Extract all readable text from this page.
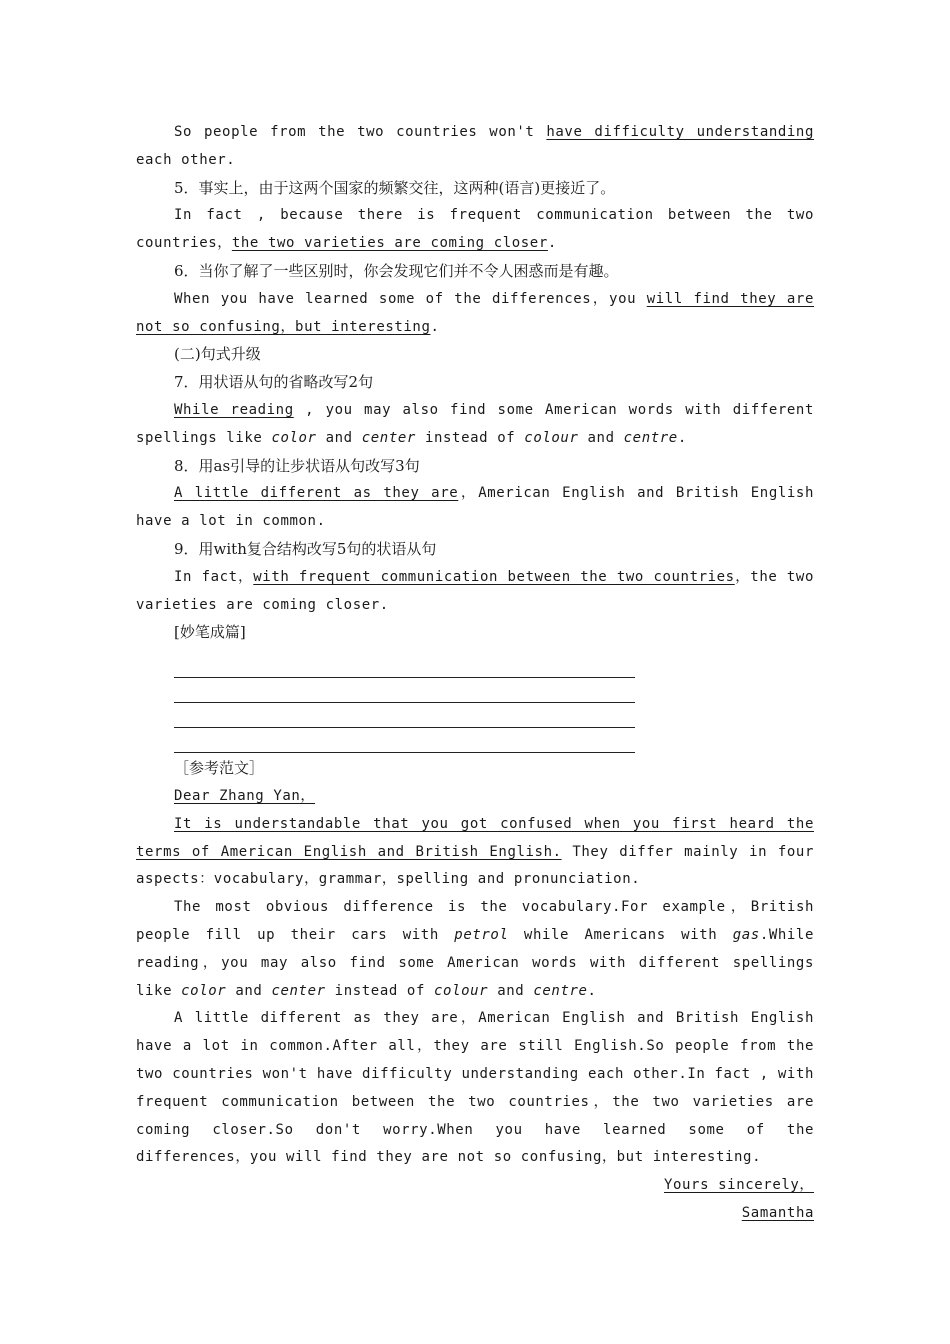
So people from the two countries won't have difficulty understanding each other.

5．事实上，由于这两个国家的频繁交往，这两种(语言)更接近了。

In fact , because there is frequent communication between the two countries，the two varieties are coming closer.

6．当你了解了一些区别时，你会发现它们并不令人困惑而是有趣。

When you have learned some of the differences，you will find they are not so confusing，but interesting.

(二)句式升级

7．用状语从句的省略改写2句

While reading , you may also find some American words with different spellings like color and center instead of colour and centre.

8．用as引导的让步状语从句改写3句

A little different as they are，American English and British English have a lot in common.

9．用with复合结构改写5句的状语从句

In fact，with frequent communication between the two countries，the two varieties are coming closer.

[妙笔成篇]

［参考范文］

Dear Zhang Yan，

It is understandable that you got confused when you first heard the terms of American English and British English. They differ mainly in four aspects：vocabulary，grammar，spelling and pronunciation.

The most obvious difference is the vocabulary.For example，British people fill up their cars with petrol while Americans with gas.While reading，you may also find some American words with different spellings like color and center instead of colour and centre.

A little different as they are，American English and British English have a lot in common.After all，they are still English.So people from the two countries won't have difficulty understanding each other.In fact , with frequent communication between the two countries，the two varieties are coming closer.So don't worry.When you have learned some of the differences，you will find they are not so confusing，but interesting.

Yours sincerely，

Samantha
